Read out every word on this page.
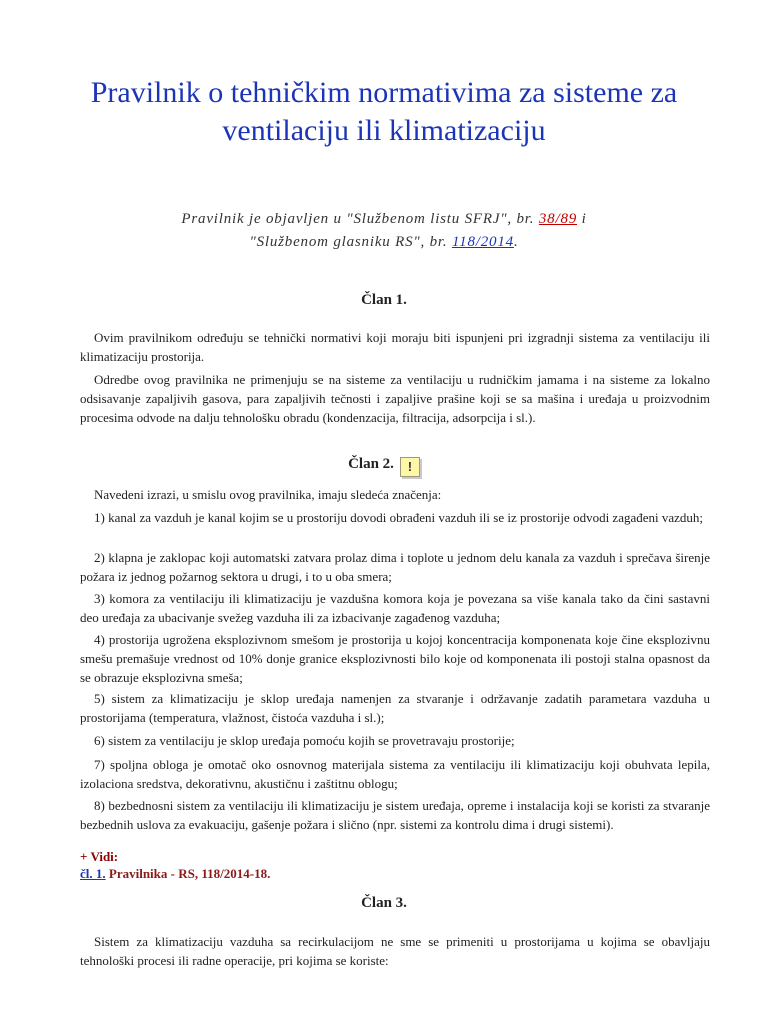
Pravilnik o tehničkim normativima za sisteme za ventilaciju ili klimatizaciju
Pravilnik je objavljen u "Službenom listu SFRJ", br. 38/89 i
"Službenom glasniku RS", br. 118/2014.
Član 1.
Ovim pravilnikom određuju se tehnički normativi koji moraju biti ispunjeni pri izgradnji sistema za ventilaciju ili klimatizaciju prostorija.
Odredbe ovog pravilnika ne primenjuju se na sisteme za ventilaciju u rudničkim jamama i na sisteme za lokalno odsisavanje zapaljivih gasova, para zapaljivih tečnosti i zapaljive prašine koji se sa mašina i uređaja u proizvodnim procesima odvode na dalju tehnološku obradu (kondenzacija, filtracija, adsorpcija i sl.).
Član 2. !
Navedeni izrazi, u smislu ovog pravilnika, imaju sledeća značenja:
1) kanal za vazduh je kanal kojim se u prostoriju dovodi obrađeni vazduh ili se iz prostorije odvodi zagađeni vazduh;
2) klapna je zaklopac koji automatski zatvara prolaz dima i toplote u jednom delu kanala za vazduh i sprečava širenje požara iz jednog požarnog sektora u drugi, i to u oba smera;
3) komora za ventilaciju ili klimatizaciju je vazdušna komora koja je povezana sa više kanala tako da čini sastavni deo uređaja za ubacivanje svežeg vazduha ili za izbacivanje zagađenog vazduha;
4) prostorija ugrožena eksplozivnom smešom je prostorija u kojoj koncentracija komponenata koje čine eksplozivnu smešu premašuje vrednost od 10% donje granice eksplozivnosti bilo koje od komponenata ili postoji stalna opasnost da se obrazuje eksplozivna smeša;
5) sistem za klimatizaciju je sklop uređaja namenjen za stvaranje i održavanje zadatih parametara vazduha u prostorijama (temperatura, vlažnost, čistoća vazduha i sl.);
6) sistem za ventilaciju je sklop uređaja pomoću kojih se provetravaju prostorije;
7) spoljna obloga je omotač oko osnovnog materijala sistema za ventilaciju ili klimatizaciju koji obuhvata lepila, izolaciona sredstva, dekorativnu, akustičnu i zaštitnu oblogu;
8) bezbednosni sistem za ventilaciju ili klimatizaciju je sistem uređaja, opreme i instalacija koji se koristi za stvaranje bezbednih uslova za evakuaciju, gašenje požara i slično (npr. sistemi za kontrolu dima i drugi sistemi).
+ Vidi:
čl. 1. Pravilnika - RS, 118/2014-18.
Član 3.
Sistem za klimatizaciju vazduha sa recirkulacijom ne sme se primeniti u prostorijama u kojima se obavljaju tehnološki procesi ili radne operacije, pri kojima se koriste:
